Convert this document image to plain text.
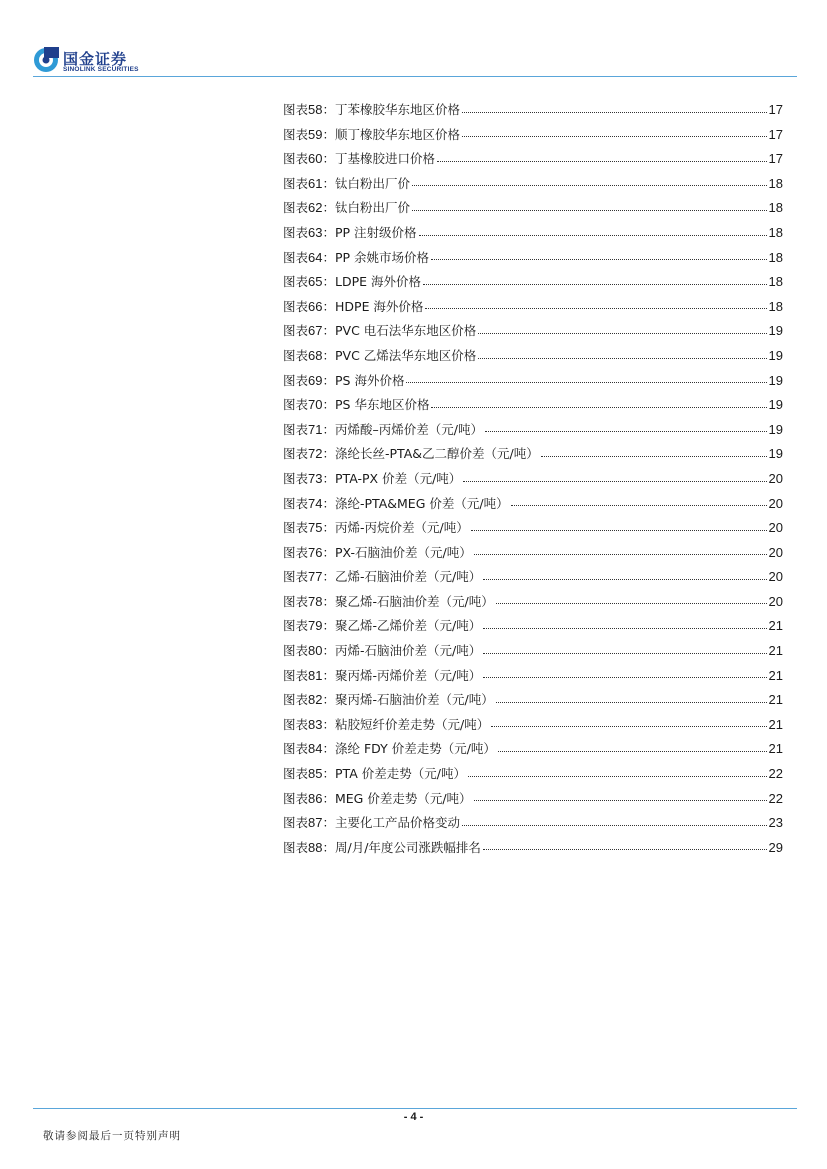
国金证券
SINOLINK SECURITIES
图表 58 ： 丁苯橡胶华东地区价格	17
图表 59 ： 顺丁橡胶华东地区价格	17
图表 60 ： 丁基橡胶进口价格	17
图表 61 ： 钛白粉出厂价	18
图表 62 ： 钛白粉出厂价	18
图表 63 ： PP 注射级价格	18
图表 64 ： PP 余姚市场价格	18
图表 65 ： LDPE 海外价格	18
图表 66 ： HDPE 海外价格	18
图表 67 ： PVC 电石法华东地区价格	19
图表 68 ： PVC 乙烯法华东地区价格	19
图表 69 ： PS 海外价格	19
图表 70 ： PS 华东地区价格	19
图表 71 ： 丙烯酸–丙烯价差（元/吨）	19
图表 72 ： 涤纶长丝-PTA&乙二醇价差（元/吨）	19
图表 73 ： PTA-PX 价差（元/吨）	20
图表 74 ： 涤纶-PTA&MEG 价差（元/吨）	20
图表 75 ： 丙烯-丙烷价差（元/吨）	20
图表 76 ： PX-石脑油价差（元/吨）	20
图表 77 ： 乙烯-石脑油价差（元/吨）	20
图表 78 ： 聚乙烯-石脑油价差（元/吨）	20
图表 79 ： 聚乙烯-乙烯价差（元/吨）	21
图表 80 ： 丙烯-石脑油价差（元/吨）	21
图表 81 ： 聚丙烯-丙烯价差（元/吨）	21
图表 82 ： 聚丙烯-石脑油价差（元/吨）	21
图表 83 ： 粘胶短纤价差走势（元/吨）	21
图表 84 ： 涤纶 FDY 价差走势（元/吨）	21
图表 85 ： PTA 价差走势（元/吨）	22
图表 86 ： MEG 价差走势（元/吨）	22
图表 87 ： 主要化工产品价格变动	23
图表 88 ： 周/月/年度公司涨跌幅排名	29
- 4 -
敬请参阅最后一页特别声明
